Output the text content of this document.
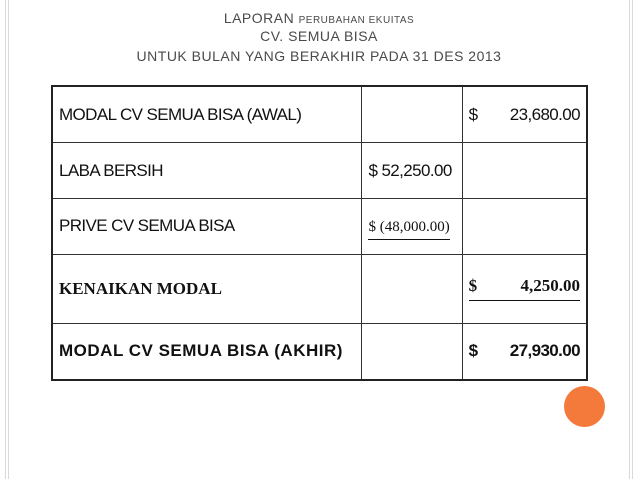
LAPORAN PERUBAHAN EKUITAS
CV. SEMUA BISA
UNTUK BULAN YANG BERAKHIR PADA 31 DES 2013
MODAL CV SEMUA BISA (AWAL)		$ 23,680.00

LABA BERSIH	$ 52,250.00	
PRIVE CV SEMUA BISA	$ (48,000.00)	
KENAIKAN MODAL		$ 4,250.00

MODAL CV SEMUA BISA (AKHIR)		$ 27,930.00
